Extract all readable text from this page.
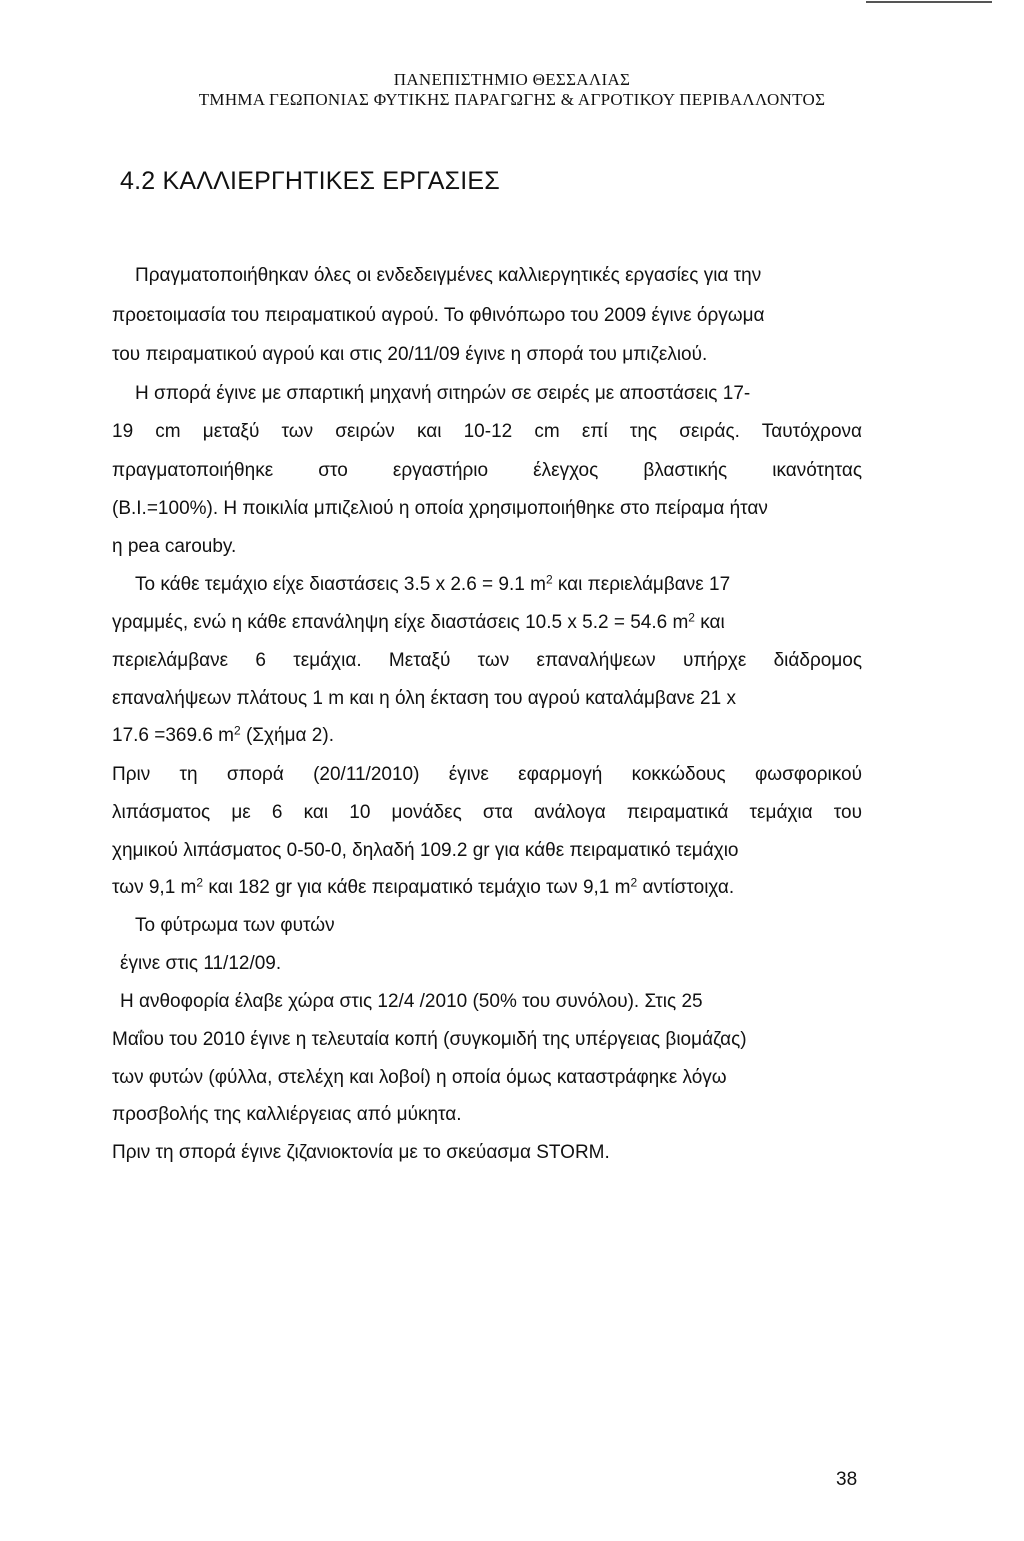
ΠΑΝΕΠΙΣΤΗΜΙΟ ΘΕΣΣΑΛΙΑΣ
ΤΜΗΜΑ ΓΕΩΠΟΝΙΑΣ ΦΥΤΙΚΗΣ ΠΑΡΑΓΩΓΗΣ & ΑΓΡΟΤΙΚΟΥ ΠΕΡΙΒΑΛΛΟΝΤΟΣ
4.2 ΚΑΛΛΙΕΡΓΗΤΙΚΕΣ ΕΡΓΑΣΙΕΣ
Πραγματοποιήθηκαν όλες οι ενδεδειγμένες καλλιεργητικές εργασίες για την
προετοιμασία του πειραματικού αγρού. Το φθινόπωρο του 2009 έγινε όργωμα
του πειραματικού αγρού και στις 20/11/09 έγινε η σπορά του μπιζελιού.
Η σπορά έγινε με σπαρτική μηχανή σιτηρών σε σειρές με αποστάσεις 17-
19 cm μεταξύ των σειρών και 10-12 cm επί της σειράς. Ταυτόχρονα
πραγματοποιήθηκε στο εργαστήριο έλεγχος βλαστικής ικανότητας
(B.I.=100%). Η ποικιλία μπιζελιού η οποία χρησιμοποιήθηκε στο πείραμα ήταν
η pea carouby.
Το κάθε τεμάχιο είχε διαστάσεις 3.5 x 2.6 = 9.1 $m^2$ και περιελάμβανε 17
γραμμές, ενώ η κάθε επανάληψη είχε διαστάσεις 10.5 x 5.2 = 54.6 $m^2$ και
περιελάμβανε 6 τεμάχια. Μεταξύ των επαναλήψεων υπήρχε διάδρομος
επαναλήψεων πλάτους 1 m και η όλη έκταση του αγρού καταλάμβανε 21 x
17.6 =369.6 $m^2$ (Σχήμα 2).
Πριν τη σπορά (20/11/2010) έγινε εφαρμογή κοκκώδους φωσφορικού
λιπάσματος με 6 και 10 μονάδες στα ανάλογα πειραματικά τεμάχια του
χημικού λιπάσματος 0-50-0, δηλαδή 109.2 gr για κάθε πειραματικό τεμάχιο
των 9,1 $m^2$ και 182 gr για κάθε πειραματικό τεμάχιο των 9,1 $m^2$ αντίστοιχα.
Το φύτρωμα των φυτών
έγινε στις 11/12/09.
Η ανθοφορία έλαβε χώρα στις 12/4 /2010 (50% του συνόλου). Στις 25
Μαΐου του 2010 έγινε η τελευταία κοπή (συγκομιδή της υπέργειας βιομάζας)
των φυτών (φύλλα, στελέχη και λοβοί) η οποία όμως καταστράφηκε λόγω
προσβολής της καλλιέργειας από μύκητα.
Πριν τη σπορά έγινε ζιζανιοκτονία με το σκεύασμα STORM.
38
